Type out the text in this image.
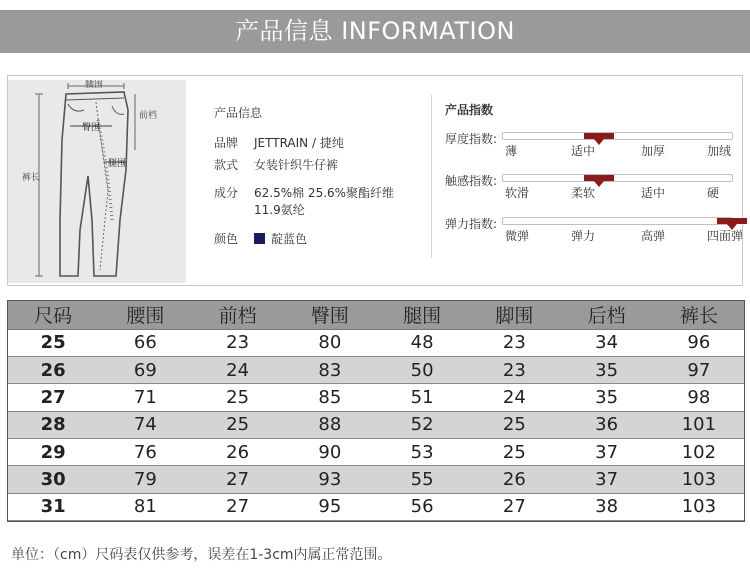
产品信息 INFORMATION
腰围
前档
臀围
腿围
裤长
产品信息
品牌 JETTRAIN / 捷纯
款式 女装针织牛仔裤
成分 62.5%棉 25.6%聚酯纤维
11.9氨纶
颜色	靛蓝色
产品指数
厚度指数:
薄	适中	加厚	加绒
触感指数:
软滑	柔软	适中	硬
弹力指数:
微弹	弹力	高弹	四面弹
尺码	腰围	前档	臀围	腿围	脚围	后档	裤长
25	66	23	80	48	23	34	96
26	69	24	83	50	23	35	97
27	71	25	85	51	24	35	98
28	74	25	88	52	25	36	101
29	76	26	90	53	25	37	102
30	79	27	93	55	26	37	103
31	81	27	95	56	27	38	103
单位：（cm）尺码表仅供参考，误差在1-3cm内属正常范围。
